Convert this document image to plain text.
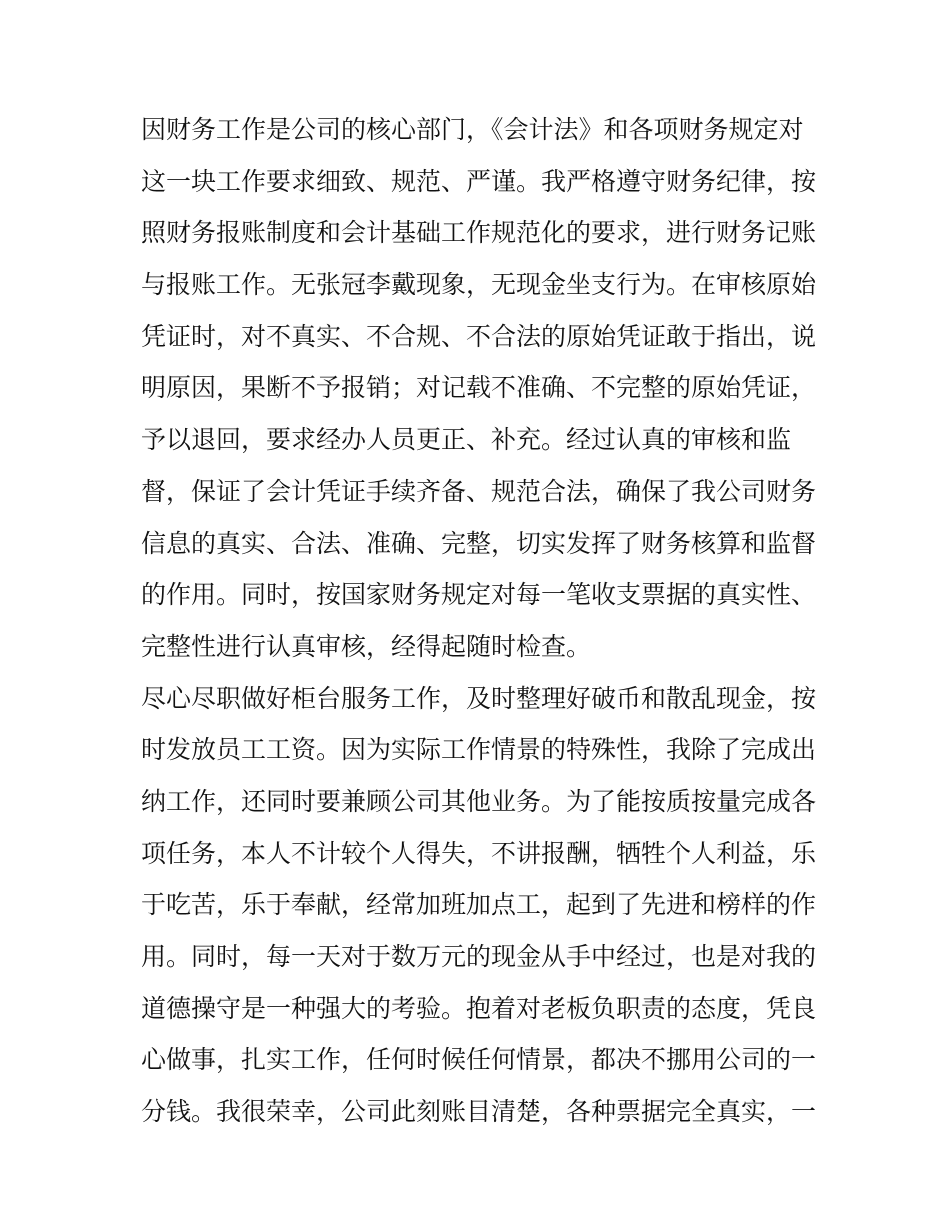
因财务工作是公司的核心部门，《会计法》和各项财务规定对
这一块工作要求细致、规范、严谨。我严格遵守财务纪律，按
照财务报账制度和会计基础工作规范化的要求，进行财务记账
与报账工作。无张冠李戴现象，无现金坐支行为。在审核原始
凭证时，对不真实、不合规、不合法的原始凭证敢于指出，说
明原因，果断不予报销；对记载不准确、不完整的原始凭证，
予以退回，要求经办人员更正、补充。经过认真的审核和监
督，保证了会计凭证手续齐备、规范合法，确保了我公司财务
信息的真实、合法、准确、完整，切实发挥了财务核算和监督
的作用。同时，按国家财务规定对每一笔收支票据的真实性、
完整性进行认真审核，经得起随时检查。
尽心尽职做好柜台服务工作，及时整理好破币和散乱现金，按
时发放员工工资。因为实际工作情景的特殊性，我除了完成出
纳工作，还同时要兼顾公司其他业务。为了能按质按量完成各
项任务，本人不计较个人得失，不讲报酬，牺牲个人利益，乐
于吃苦，乐于奉献，经常加班加点工，起到了先进和榜样的作
用。同时，每一天对于数万元的现金从手中经过，也是对我的
道德操守是一种强大的考验。抱着对老板负职责的态度，凭良
心做事，扎实工作，任何时候任何情景，都决不挪用公司的一
分钱。我很荣幸，公司此刻账目清楚，各种票据完全真实，一
